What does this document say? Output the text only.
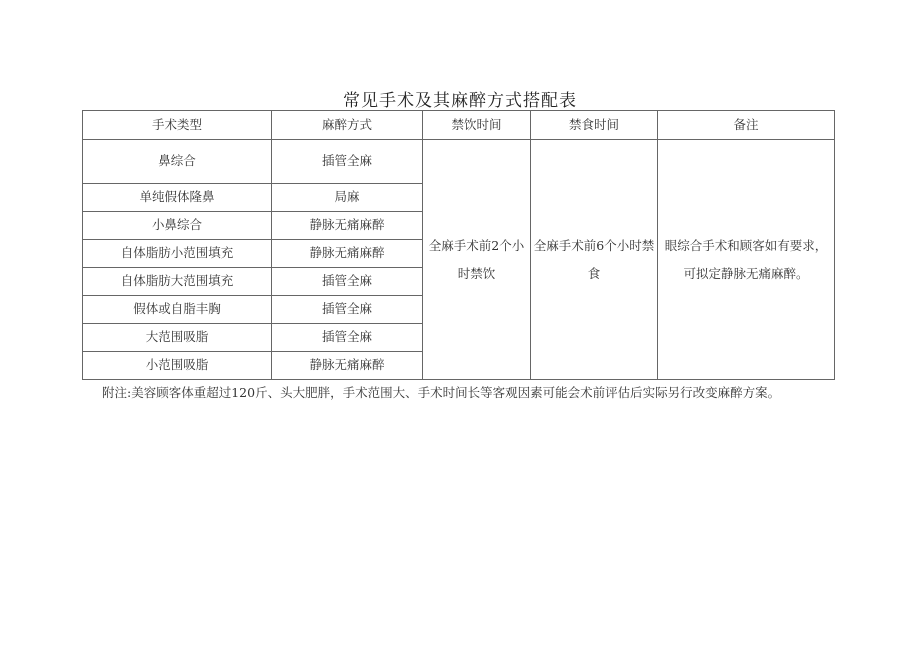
常见手术及其麻醉方式搭配表
手术类型	麻醉方式	禁饮时间	禁食时间	备注
鼻综合	插管全麻	全麻手术前2个小时禁饮	全麻手术前6个小时禁食	眼综合手术和顾客如有要求，可拟定静脉无痛麻醉。
单纯假体隆鼻	局麻			
小鼻综合	静脉无痛麻醉			
自体脂肪小范围填充	静脉无痛麻醉			
自体脂肪大范围填充	插管全麻			
假体或自脂丰胸	插管全麻			
大范围吸脂	插管全麻			
小范围吸脂	静脉无痛麻醉			
附注:美容顾客体重超过120斤、头大肥胖，手术范围大、手术时间长等客观因素可能会术前评估后实际另行改变麻醉方案。
